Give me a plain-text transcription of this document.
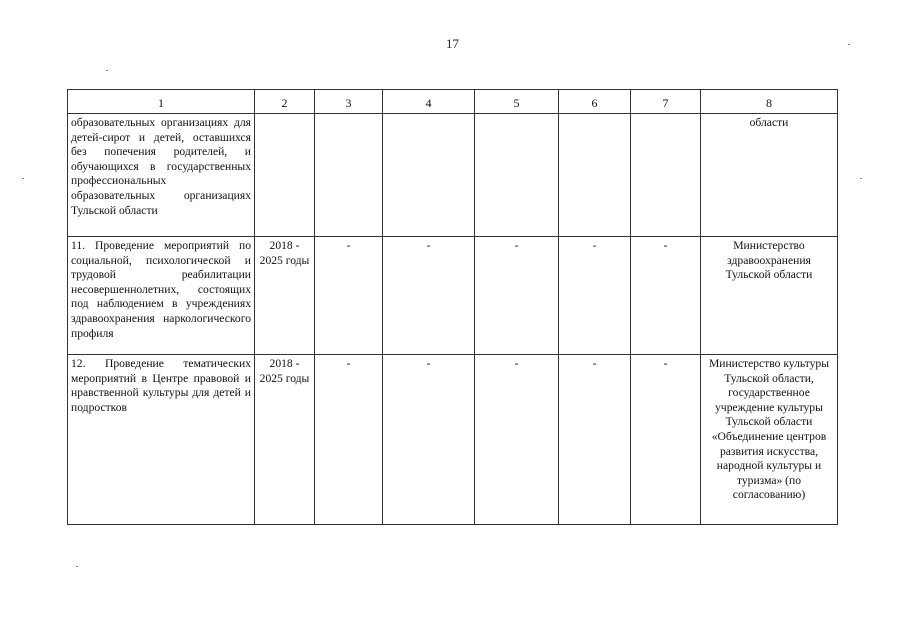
17
1	2	3	4	5	6	7	8
образовательных организациях для детей-сирот и детей, оставшихся без попечения родителей, и обучающихся в государственных профессиональных образовательных организациях Тульской области							области
11. Проведение мероприятий по социальной, психологической и трудовой реабилитации несовершеннолетних, состоящих под наблюдением в учреждениях здравоохранения наркологического профиля	2018 - 2025 годы	-	-	-	-	-	Министерство здравоохранения Тульской области
12. Проведение тематических мероприятий в Центре правовой и нравственной культуры для детей и подростков	2018 - 2025 годы	-	-	-	-	-	Министерство культуры Тульской области, государственное учреждение культуры Тульской области «Объединение центров развития искусства, народной культуры и туризма» (по согласованию)
